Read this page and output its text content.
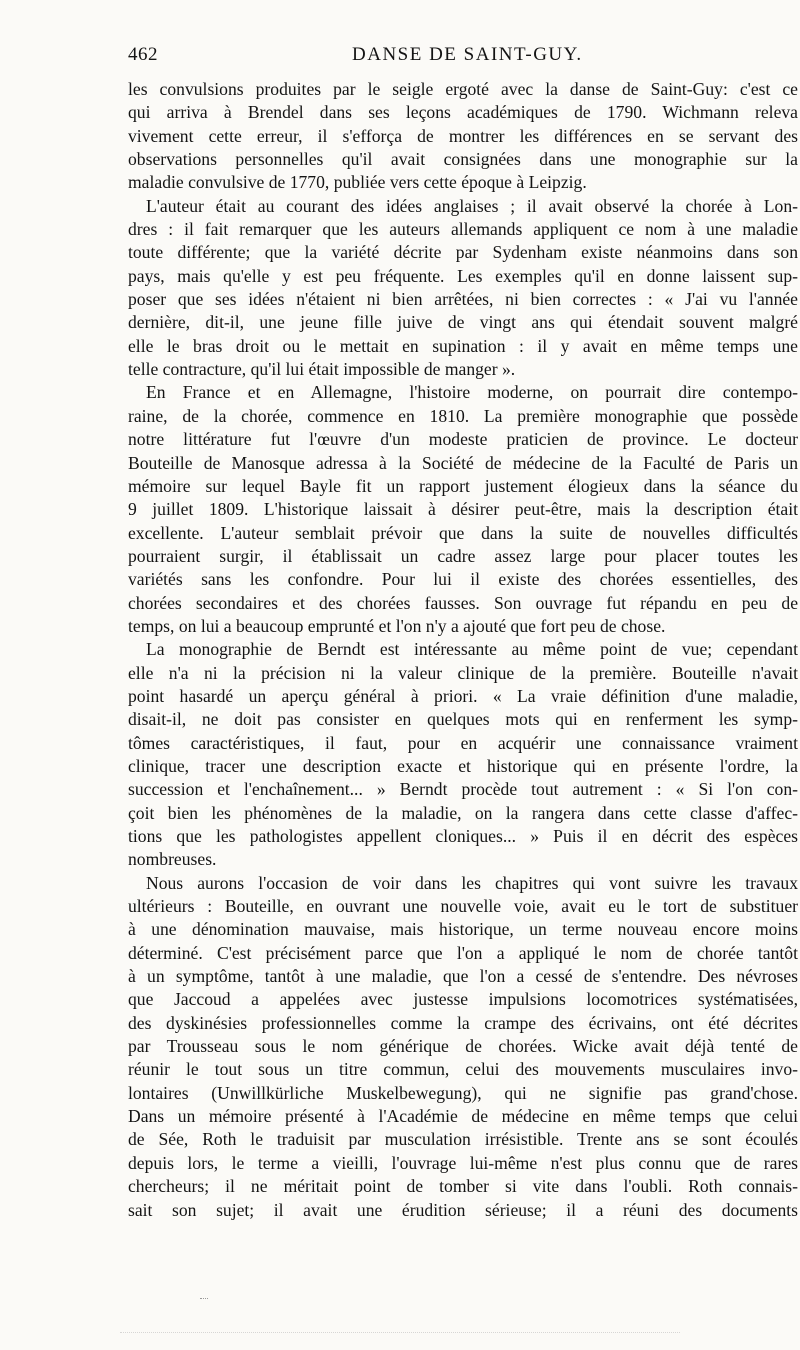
462	DANSE DE SAINT-GUY.
les convulsions produites par le seigle ergoté avec la danse de Saint-Guy: c'est ce
qui arriva à Brendel dans ses leçons académiques de 1790. Wichmann releva
vivement cette erreur, il s'efforça de montrer les différences en se servant des
observations personnelles qu'il avait consignées dans une monographie sur la
maladie convulsive de 1770, publiée vers cette époque à Leipzig.
L'auteur était au courant des idées anglaises ; il avait observé la chorée à Lon-
dres : il fait remarquer que les auteurs allemands appliquent ce nom à une maladie
toute différente; que la variété décrite par Sydenham existe néanmoins dans son
pays, mais qu'elle y est peu fréquente. Les exemples qu'il en donne laissent sup-
poser que ses idées n'étaient ni bien arrêtées, ni bien correctes : « J'ai vu l'année
dernière, dit-il, une jeune fille juive de vingt ans qui étendait souvent malgré
elle le bras droit ou le mettait en supination : il y avait en même temps une
telle contracture, qu'il lui était impossible de manger ».
En France et en Allemagne, l'histoire moderne, on pourrait dire contempo-
raine, de la chorée, commence en 1810. La première monographie que possède
notre littérature fut l'œuvre d'un modeste praticien de province. Le docteur
Bouteille de Manosque adressa à la Société de médecine de la Faculté de Paris un
mémoire sur lequel Bayle fit un rapport justement élogieux dans la séance du
9 juillet 1809. L'historique laissait à désirer peut-être, mais la description était
excellente. L'auteur semblait prévoir que dans la suite de nouvelles difficultés
pourraient surgir, il établissait un cadre assez large pour placer toutes les
variétés sans les confondre. Pour lui il existe des chorées essentielles, des
chorées secondaires et des chorées fausses. Son ouvrage fut répandu en peu de
temps, on lui a beaucoup emprunté et l'on n'y a ajouté que fort peu de chose.
La monographie de Berndt est intéressante au même point de vue; cependant
elle n'a ni la précision ni la valeur clinique de la première. Bouteille n'avait
point hasardé un aperçu général à priori. « La vraie définition d'une maladie,
disait-il, ne doit pas consister en quelques mots qui en renferment les symp-
tômes caractéristiques, il faut, pour en acquérir une connaissance vraiment
clinique, tracer une description exacte et historique qui en présente l'ordre, la
succession et l'enchaînement... » Berndt procède tout autrement : « Si l'on con-
çoit bien les phénomènes de la maladie, on la rangera dans cette classe d'affec-
tions que les pathologistes appellent cloniques... » Puis il en décrit des espèces
nombreuses.
Nous aurons l'occasion de voir dans les chapitres qui vont suivre les travaux
ultérieurs : Bouteille, en ouvrant une nouvelle voie, avait eu le tort de substituer
à une dénomination mauvaise, mais historique, un terme nouveau encore moins
déterminé. C'est précisément parce que l'on a appliqué le nom de chorée tantôt
à un symptôme, tantôt à une maladie, que l'on a cessé de s'entendre. Des névroses
que Jaccoud a appelées avec justesse impulsions locomotrices systématisées,
des dyskinésies professionnelles comme la crampe des écrivains, ont été décrites
par Trousseau sous le nom générique de chorées. Wicke avait déjà tenté de
réunir le tout sous un titre commun, celui des mouvements musculaires invo-
lontaires (Unwillkürliche Muskelbewegung), qui ne signifie pas grand'chose.
Dans un mémoire présenté à l'Académie de médecine en même temps que celui
de Sée, Roth le traduisit par musculation irrésistible. Trente ans se sont écoulés
depuis lors, le terme a vieilli, l'ouvrage lui-même n'est plus connu que de rares
chercheurs; il ne méritait point de tomber si vite dans l'oubli. Roth connais-
sait son sujet; il avait une érudition sérieuse; il a réuni des documents
